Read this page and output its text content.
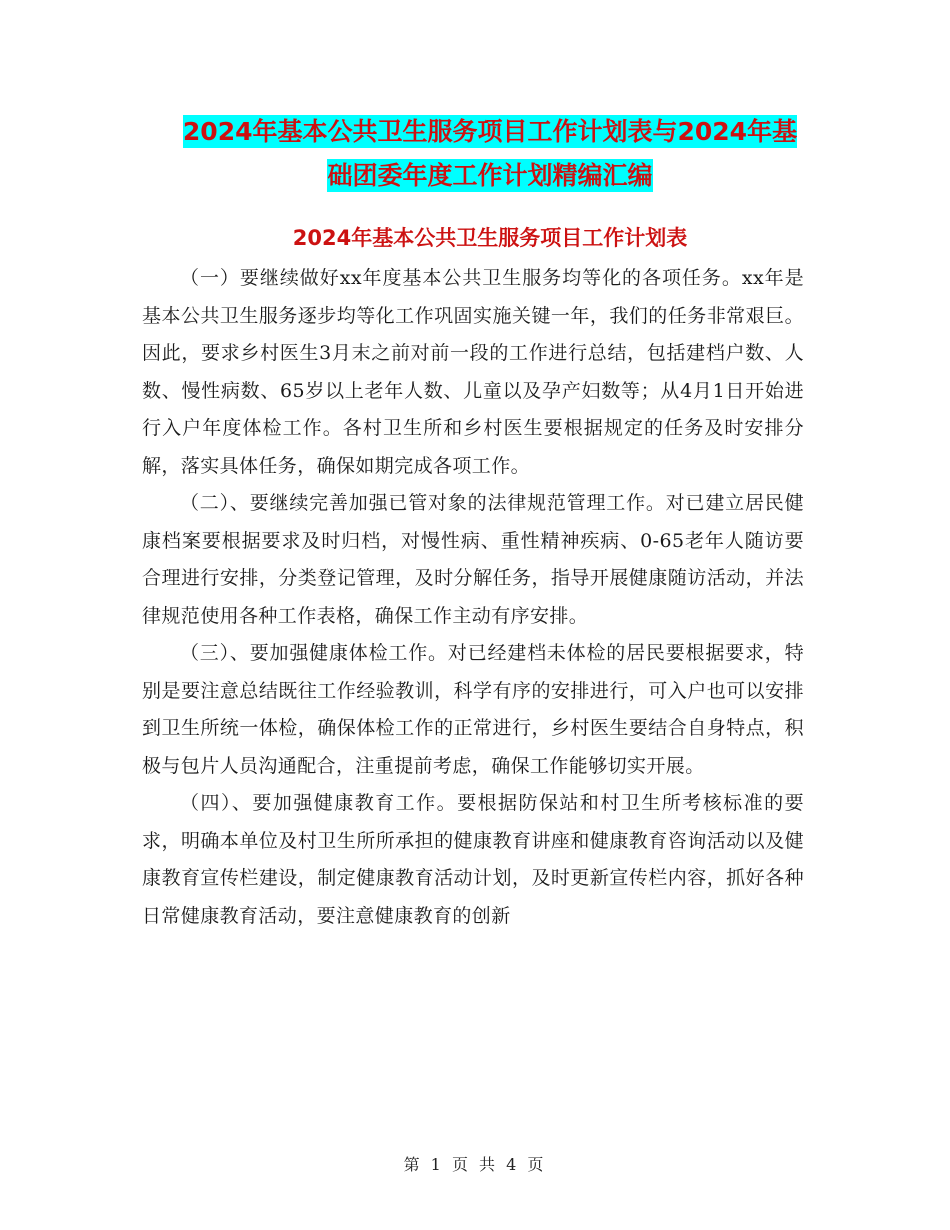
2024年基本公共卫生服务项目工作计划表与2024年基
础团委年度工作计划精编汇编
2024年基本公共卫生服务项目工作计划表

（一）要继续做好xx年度基本公共卫生服务均等化的各项任务。xx年是基本公共卫生服务逐步均等化工作巩固实施关键一年，我们的任务非常艰巨。因此，要求乡村医生3月末之前对前一段的工作进行总结，包括建档户数、人数、慢性病数、65岁以上老年人数、儿童以及孕产妇数等；从4月1日开始进行入户年度体检工作。各村卫生所和乡村医生要根据规定的任务及时安排分解，落实具体任务，确保如期完成各项工作。

（二）、要继续完善加强已管对象的法律规范管理工作。对已建立居民健康档案要根据要求及时归档，对慢性病、重性精神疾病、0-65老年人随访要合理进行安排，分类登记管理，及时分解任务，指导开展健康随访活动，并法律规范使用各种工作表格，确保工作主动有序安排。

（三）、要加强健康体检工作。对已经建档未体检的居民要根据要求，特别是要注意总结既往工作经验教训，科学有序的安排进行，可入户也可以安排到卫生所统一体检，确保体检工作的正常进行，乡村医生要结合自身特点，积极与包片人员沟通配合，注重提前考虑，确保工作能够切实开展。

（四）、要加强健康教育工作。要根据防保站和村卫生所考核标准的要求，明确本单位及村卫生所所承担的健康教育讲座和健康教育咨询活动以及健康教育宣传栏建设，制定健康教育活动计划，及时更新宣传栏内容，抓好各种日常健康教育活动，要注意健康教育的创新

第 1 页 共 4 页
